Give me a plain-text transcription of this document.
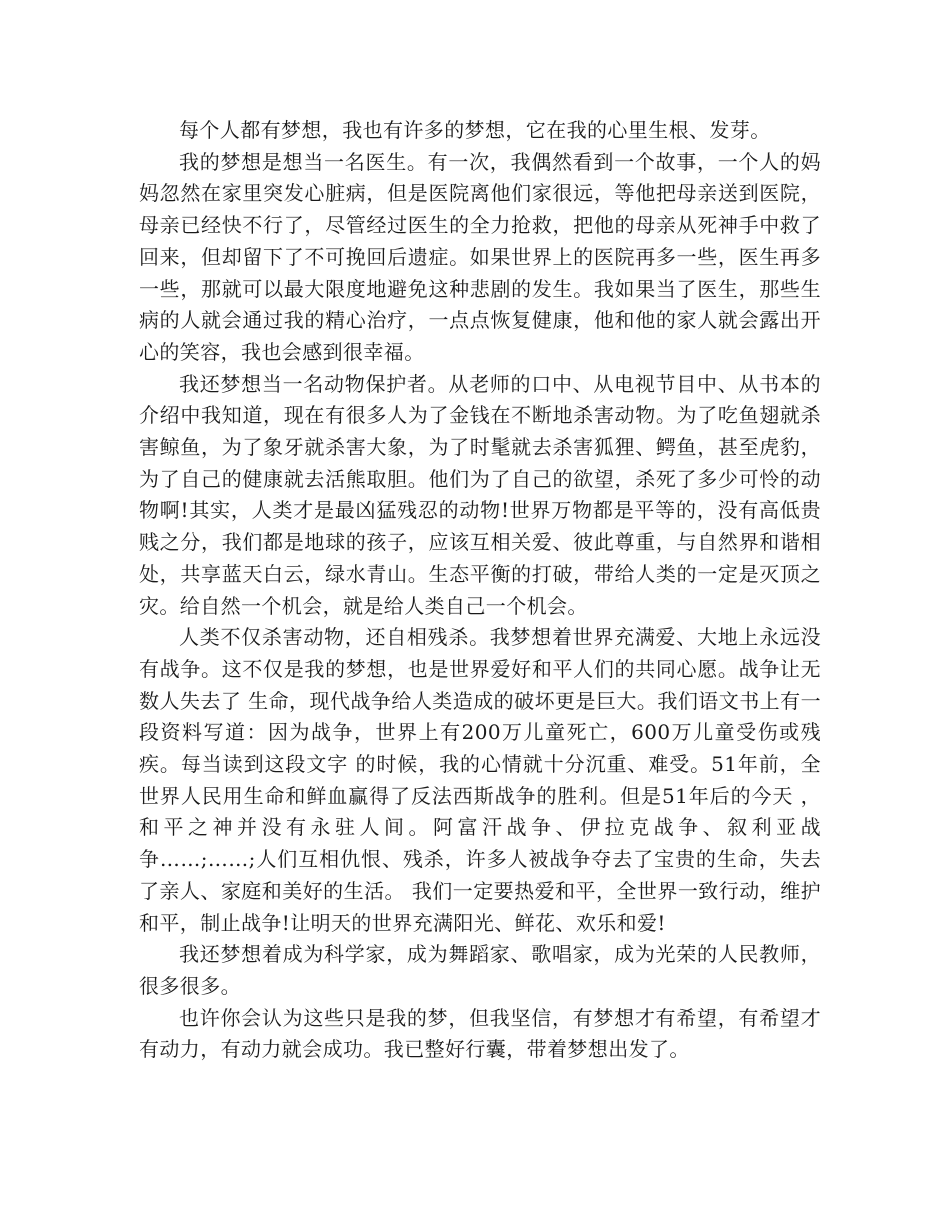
每个人都有梦想，我也有许多的梦想，它在我的心里生根、发芽。

我的梦想是想当一名医生。有一次，我偶然看到一个故事，一个人的妈妈忽然在家里突发心脏病，但是医院离他们家很远，等他把母亲送到医院，母亲已经快不行了，尽管经过医生的全力抢救，把他的母亲从死神手中救了回来，但却留下了不可挽回后遗症。如果世界上的医院再多一些，医生再多一些，那就可以最大限度地避免这种悲剧的发生。我如果当了医生，那些生病的人就会通过我的精心治疗，一点点恢复健康，他和他的家人就会露出开心的笑容，我也会感到很幸福。

我还梦想当一名动物保护者。从老师的口中、从电视节目中、从书本的介绍中我知道，现在有很多人为了金钱在不断地杀害动物。为了吃鱼翅就杀害鲸鱼，为了象牙就杀害大象，为了时髦就去杀害狐狸、鳄鱼，甚至虎豹，为了自己的健康就去活熊取胆。他们为了自己的欲望，杀死了多少可怜的动物啊!其实，人类才是最凶猛残忍的动物!世界万物都是平等的，没有高低贵贱之分，我们都是地球的孩子，应该互相关爱、彼此尊重，与自然界和谐相处，共享蓝天白云，绿水青山。生态平衡的打破，带给人类的一定是灭顶之灾。给自然一个机会，就是给人类自己一个机会。

人类不仅杀害动物，还自相残杀。我梦想着世界充满爱、大地上永远没有战争。这不仅是我的梦想，也是世界爱好和平人们的共同心愿。战争让无数人失去了 生命，现代战争给人类造成的破坏更是巨大。我们语文书上有一段资料写道：因为战争，世界上有200万儿童死亡，600万儿童受伤或残疾。每当读到这段文字 的时候，我的心情就十分沉重、难受。51年前，全世界人民用生命和鲜血赢得了反法西斯战争的胜利。但是51年后的今天 ，和平之神并没有永驻人间。阿富汗战争、伊拉克战争、叙利亚战争……;……;人们互相仇恨、残杀，许多人被战争夺去了宝贵的生命，失去了亲人、家庭和美好的生活。 我们一定要热爱和平，全世界一致行动，维护和平，制止战争!让明天的世界充满阳光、鲜花、欢乐和爱!

我还梦想着成为科学家，成为舞蹈家、歌唱家，成为光荣的人民教师，很多很多。

也许你会认为这些只是我的梦，但我坚信，有梦想才有希望，有希望才有动力，有动力就会成功。我已整好行囊，带着梦想出发了。
